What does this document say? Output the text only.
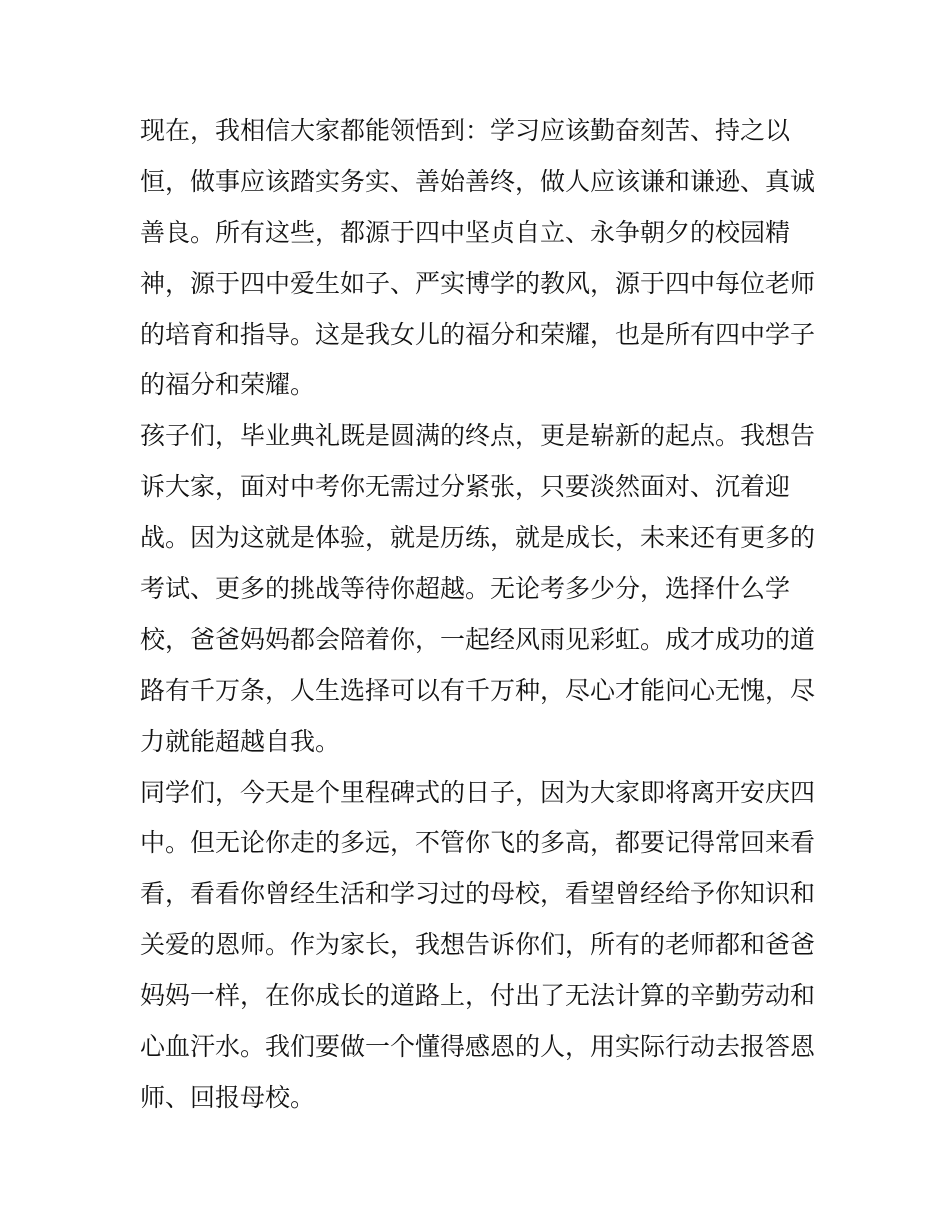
现在，我相信大家都能领悟到：学习应该勤奋刻苦、持之以
恒，做事应该踏实务实、善始善终，做人应该谦和谦逊、真诚
善良。所有这些，都源于四中坚贞自立、永争朝夕的校园精
神，源于四中爱生如子、严实博学的教风，源于四中每位老师
的培育和指导。这是我女儿的福分和荣耀，也是所有四中学子
的福分和荣耀。
孩子们，毕业典礼既是圆满的终点，更是崭新的起点。我想告
诉大家，面对中考你无需过分紧张，只要淡然面对、沉着迎
战。因为这就是体验，就是历练，就是成长，未来还有更多的
考试、更多的挑战等待你超越。无论考多少分，选择什么学
校，爸爸妈妈都会陪着你，一起经风雨见彩虹。成才成功的道
路有千万条，人生选择可以有千万种，尽心才能问心无愧，尽
力就能超越自我。
同学们，今天是个里程碑式的日子，因为大家即将离开安庆四
中。但无论你走的多远，不管你飞的多高，都要记得常回来看
看，看看你曾经生活和学习过的母校，看望曾经给予你知识和
关爱的恩师。作为家长，我想告诉你们，所有的老师都和爸爸
妈妈一样，在你成长的道路上，付出了无法计算的辛勤劳动和
心血汗水。我们要做一个懂得感恩的人，用实际行动去报答恩
师、回报母校。
